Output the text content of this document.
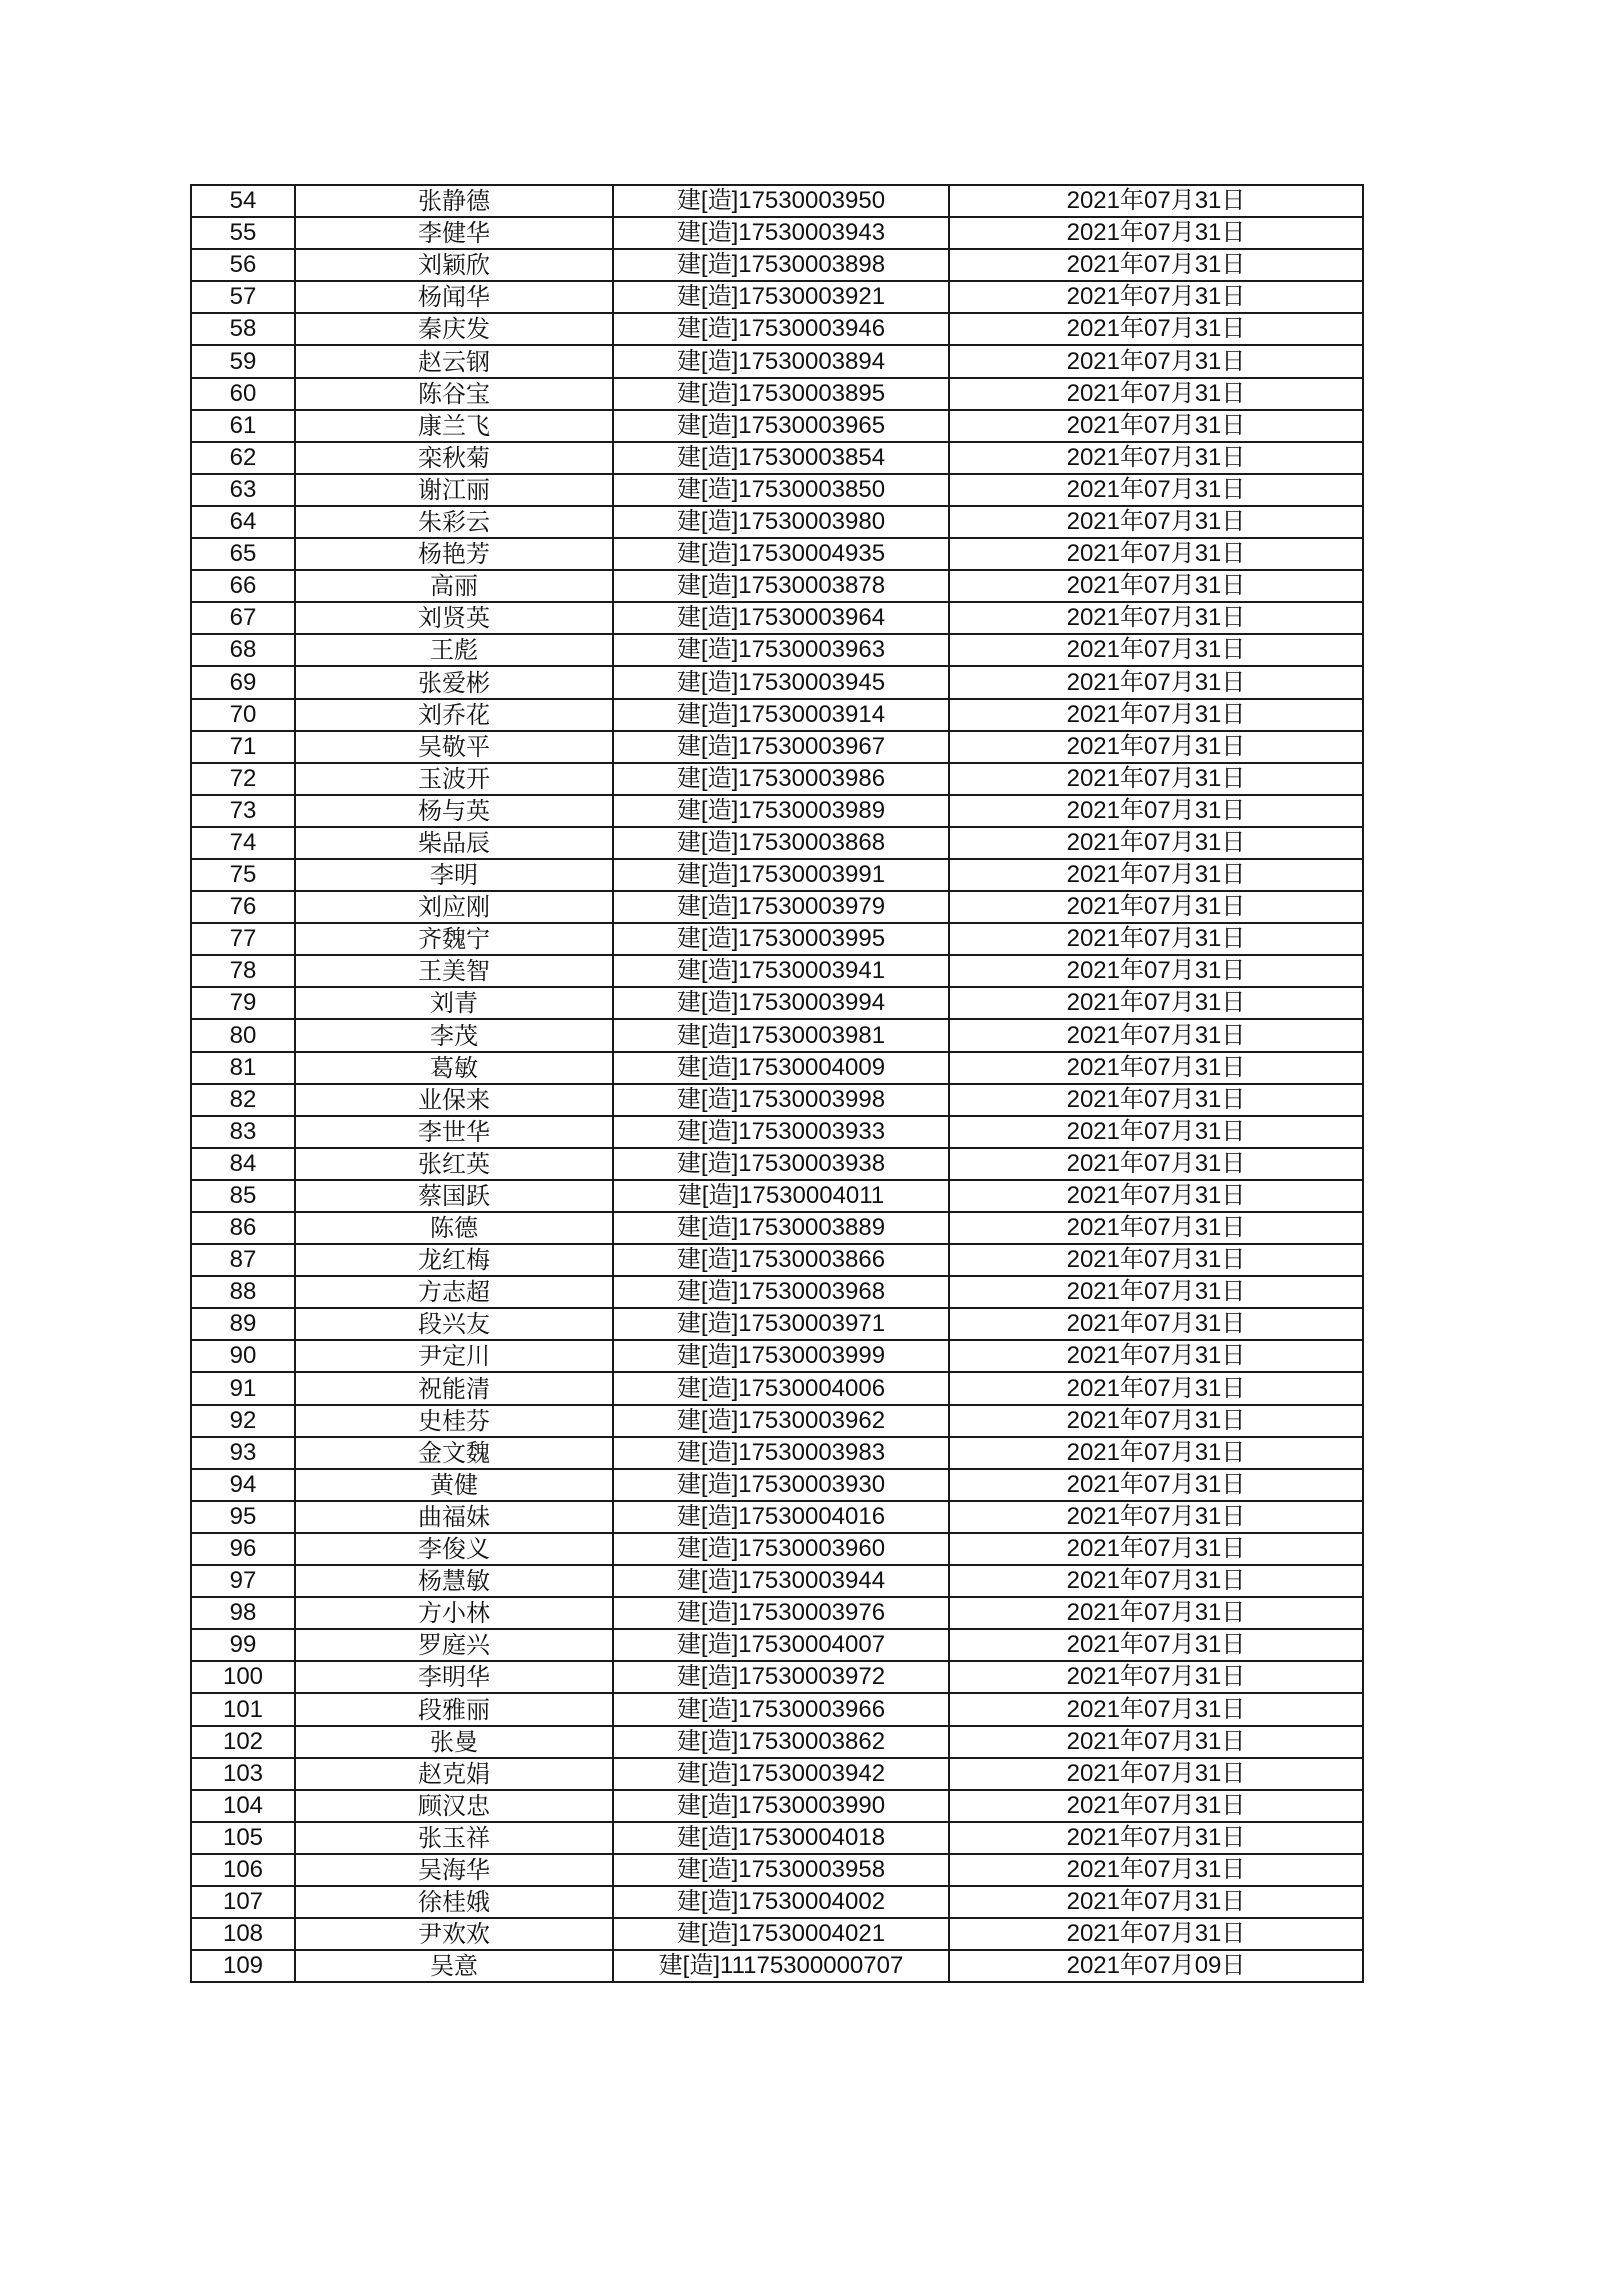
54	张静德	建[造]17530003950	2021年07月31日
55	李健华	建[造]17530003943	2021年07月31日
56	刘颖欣	建[造]17530003898	2021年07月31日
57	杨闻华	建[造]17530003921	2021年07月31日
58	秦庆发	建[造]17530003946	2021年07月31日
59	赵云钢	建[造]17530003894	2021年07月31日
60	陈谷宝	建[造]17530003895	2021年07月31日
61	康兰飞	建[造]17530003965	2021年07月31日
62	栾秋菊	建[造]17530003854	2021年07月31日
63	谢江丽	建[造]17530003850	2021年07月31日
64	朱彩云	建[造]17530003980	2021年07月31日
65	杨艳芳	建[造]17530004935	2021年07月31日
66	高丽	建[造]17530003878	2021年07月31日
67	刘贤英	建[造]17530003964	2021年07月31日
68	王彪	建[造]17530003963	2021年07月31日
69	张爱彬	建[造]17530003945	2021年07月31日
70	刘乔花	建[造]17530003914	2021年07月31日
71	吴敬平	建[造]17530003967	2021年07月31日
72	玉波开	建[造]17530003986	2021年07月31日
73	杨与英	建[造]17530003989	2021年07月31日
74	柴品辰	建[造]17530003868	2021年07月31日
75	李明	建[造]17530003991	2021年07月31日
76	刘应刚	建[造]17530003979	2021年07月31日
77	齐魏宁	建[造]17530003995	2021年07月31日
78	王美智	建[造]17530003941	2021年07月31日
79	刘青	建[造]17530003994	2021年07月31日
80	李茂	建[造]17530003981	2021年07月31日
81	葛敏	建[造]17530004009	2021年07月31日
82	业保来	建[造]17530003998	2021年07月31日
83	李世华	建[造]17530003933	2021年07月31日
84	张红英	建[造]17530003938	2021年07月31日
85	蔡国跃	建[造]17530004011	2021年07月31日
86	陈德	建[造]17530003889	2021年07月31日
87	龙红梅	建[造]17530003866	2021年07月31日
88	方志超	建[造]17530003968	2021年07月31日
89	段兴友	建[造]17530003971	2021年07月31日
90	尹定川	建[造]17530003999	2021年07月31日
91	祝能清	建[造]17530004006	2021年07月31日
92	史桂芬	建[造]17530003962	2021年07月31日
93	金文魏	建[造]17530003983	2021年07月31日
94	黄健	建[造]17530003930	2021年07月31日
95	曲福妹	建[造]17530004016	2021年07月31日
96	李俊义	建[造]17530003960	2021年07月31日
97	杨慧敏	建[造]17530003944	2021年07月31日
98	方小林	建[造]17530003976	2021年07月31日
99	罗庭兴	建[造]17530004007	2021年07月31日
100	李明华	建[造]17530003972	2021年07月31日
101	段雅丽	建[造]17530003966	2021年07月31日
102	张曼	建[造]17530003862	2021年07月31日
103	赵克娟	建[造]17530003942	2021年07月31日
104	顾汉忠	建[造]17530003990	2021年07月31日
105	张玉祥	建[造]17530004018	2021年07月31日
106	吴海华	建[造]17530003958	2021年07月31日
107	徐桂娥	建[造]17530004002	2021年07月31日
108	尹欢欢	建[造]17530004021	2021年07月31日
109	吴意	建[造]11175300000707	2021年07月09日
